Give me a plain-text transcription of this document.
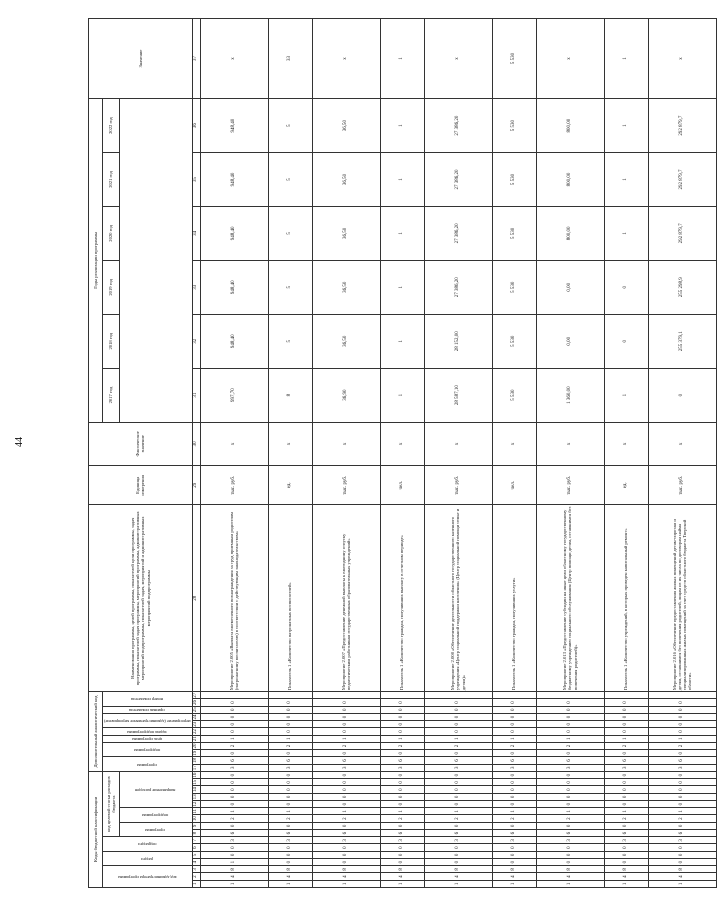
44
Коды бюджетной классификации																Дополнительный аналитический код											Наименования программы, целей программы, показателей цели программы, задач программы, показателей задач программы, мероприятий программы, административных мероприятий подпрограммы, показателей задач, мероприятий и административных мероприятий подпрограммы	Единица измерения	Фактическое значение	Годы реализации программы						Значение
код администратора программы			раздел		подраздел		код целевой статьи расходов бюджета									программа		подпрограмма		цель программы	задача подпрограммы	мероприятие (административное мероприятие)		признак показателя	номер показателя					2017 год	2018 год	2019 год	2020 год	2021 год	2022 год	
							программа		подпрограмма		направление расходов																									
1	2	3	4	5	6	7	8	9	10	11	12	13	14	15	16	17	18	19	20	21	22	23	24	25	26	27	28	29	30	31	32	33	34	35	36	37
1	4	8	1	0	0	3	6	0	2	1	0	0	0	0	0	3	6	0	2	1	0	0	0	0	0		Мероприятие 2.005 «Выплата ежемесячного вознаграждения за труд приемным родителям (патронатному воспитателю) в соответствии с действующим законодательством»	тыс. руб.	х	997,70	948,40	948,40	948,40	948,40	948,40	х
1	4	8	0	0	0	3	6	0	2	1	0	0	0	0	0	3	6	0	2	1	0	0	0	0	0		Показатель 1 «Количество патронатных воспитателей»	ед.	х	8	5	5	5	5	5	33
1	4	8	0	0	0	3	6	0	2	1	0	0	0	0	0	3	6	0	2	1	0	0	0	0	0		Мероприятие 2.007 «Предоставление денежной выплаты к ежегодному отпуску педагогическим работникам государственных образовательных учреждений»	тыс. руб.	х	36,90	36,50	36,50	36,50	36,50	36,50	х
1	4	8	0	0	0	3	6	0	2	1	0	0	0	0	0	3	6	0	2	1	0	0	0	0	0		Показатель 1 «Количество граждан, получивших выплату в отчетном периоде»	чел.	х	1	1	1	1	1	1	1
1	4	8	0	0	0	3	6	0	2	1	0	0	0	0	0	3	6	0	2	1	0	0	0	0	0		Мероприятие 2.008 «Обеспечение деятельности областного государственного казенного учреждения «Центр социальной поддержки населения» (Центр социальной помощи семье и детям)»	тыс. руб.	х	28 587,10	28 152,00	27 386,20	27 386,20	27 386,20	27 386,20	х
1	4	8	0	0	0	3	6	0	2	1	0	0	0	0	0	3	6	0	2	1	0	0	0	0	0		Показатель 1 «Количество граждан, получивших услуги»	чел.	х	5 530	5 530	5 530	5 530	5 530	5 530	5 530
1	4	8	0	0	0	3	6	0	2	1	0	0	0	0	0	3	6	0	2	1	0	0	0	0	0		Мероприятие 2.013 «Предоставление субсидии на иные цели областному государственному бюджетному учреждению социального обслуживания (Центр помощи детям, оставшимся без попечения родителей)»	тыс. руб.	х	1 360,00	0,00	0,00	800,00	800,00	800,00	х
1	4	8	0	0	0	3	6	0	2	1	0	0	0	0	0	3	6	0	2	1	0	0	0	0	0		Показатель 1 «Количество учреждений, в которых проведен капитальный ремонт»	ед.	х	1	0	0	1	1	1	1
1	4	8	0	0	0	3	6	0	2	1	0	0	0	0	0	3	6	0	2	1	0	0	0	0	0		Мероприятие 2.016 «Обеспечение предоставления жилых помещений детям-сиротам и детям, оставшимся без попечения родителей, лицам из их числа по договорам найма специализированных жилых помещений за счет средств областного бюджета Тверской области»	тыс. руб.	х	0	255 379,1	255 298,9	292 879,7	292 879,7	292 879,7	х
